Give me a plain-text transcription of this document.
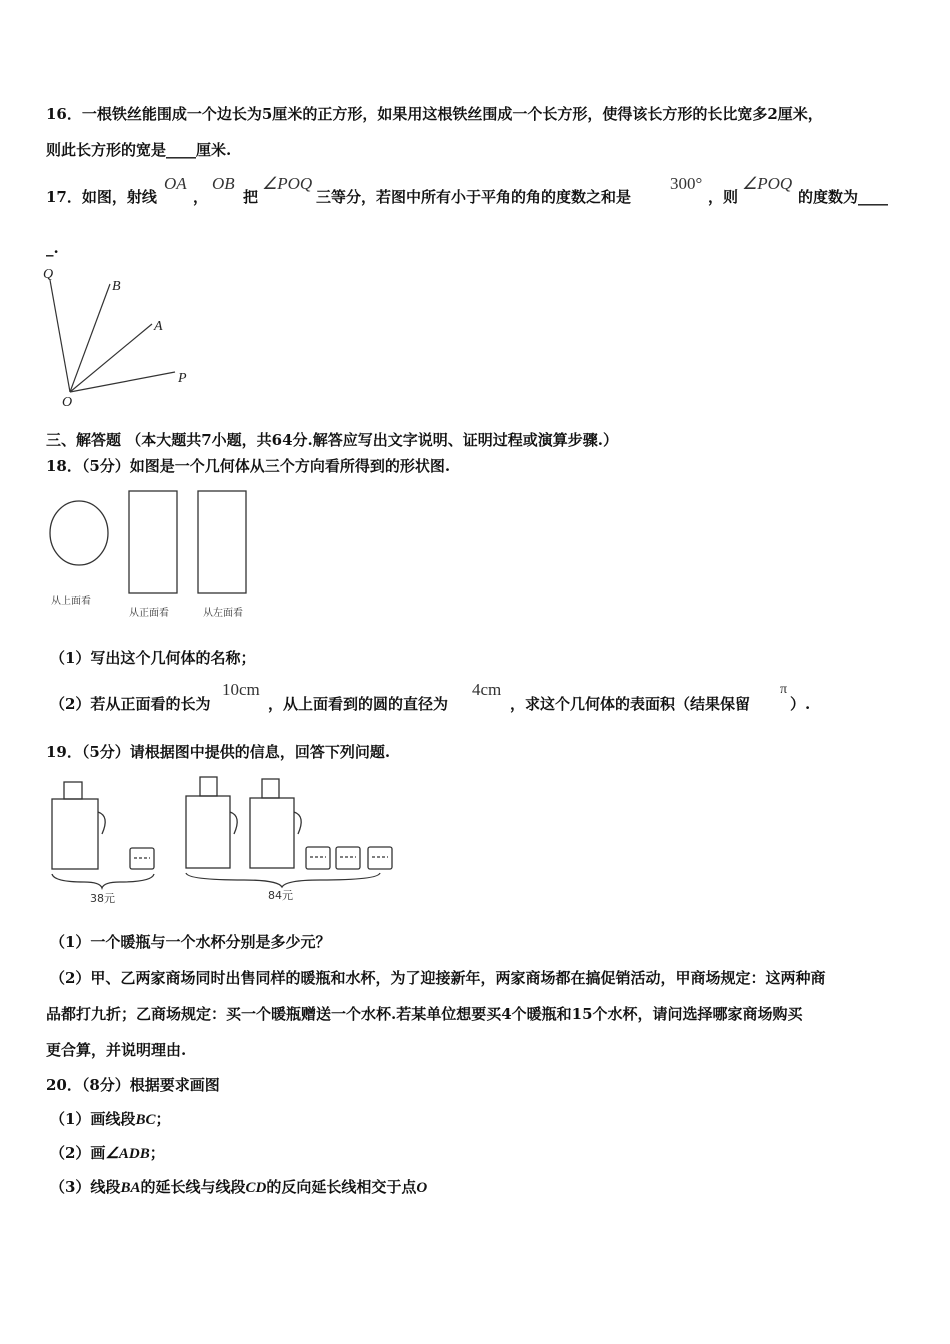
16．一根铁丝能围成一个边长为5厘米的正方形，如果用这根铁丝围成一个长方形，使得该长方形的长比宽多2厘米，
则此长方形的宽是____厘米.
17．如图，射线
OA
，
OB
把
∠POQ
三等分，若图中所有小于平角的角的度数之和是
300°
，则
∠POQ
的度数为____
_.
Q
B
A
P
O
三、解答题 （本大题共7小题，共64分.解答应写出文字说明、证明过程或演算步骤.）
18．（5分）如图是一个几何体从三个方向看所得到的形状图.
从上面看
从正面看	从左面看
（1）写出这个几何体的名称；
（2）若从正面看的长为
10cm
，从上面看到的圆的直径为
4cm
，求这个几何体的表面积（结果保留
π
）.
19．（5分）请根据图中提供的信息，回答下列问题.
38元	84元
（1）一个暖瓶与一个水杯分别是多少元？
（2）甲、乙两家商场同时出售同样的暖瓶和水杯，为了迎接新年，两家商场都在搞促销活动，甲商场规定：这两种商
品都打九折；乙商场规定：买一个暖瓶赠送一个水杯.若某单位想要买4个暖瓶和15个水杯，请问选择哪家商场购买
更合算，并说明理由.
20．（8分）根据要求画图
（1）画线段BC；
（2）画∠ADB；
（3）线段BA的延长线与线段CD的反向延长线相交于点O
